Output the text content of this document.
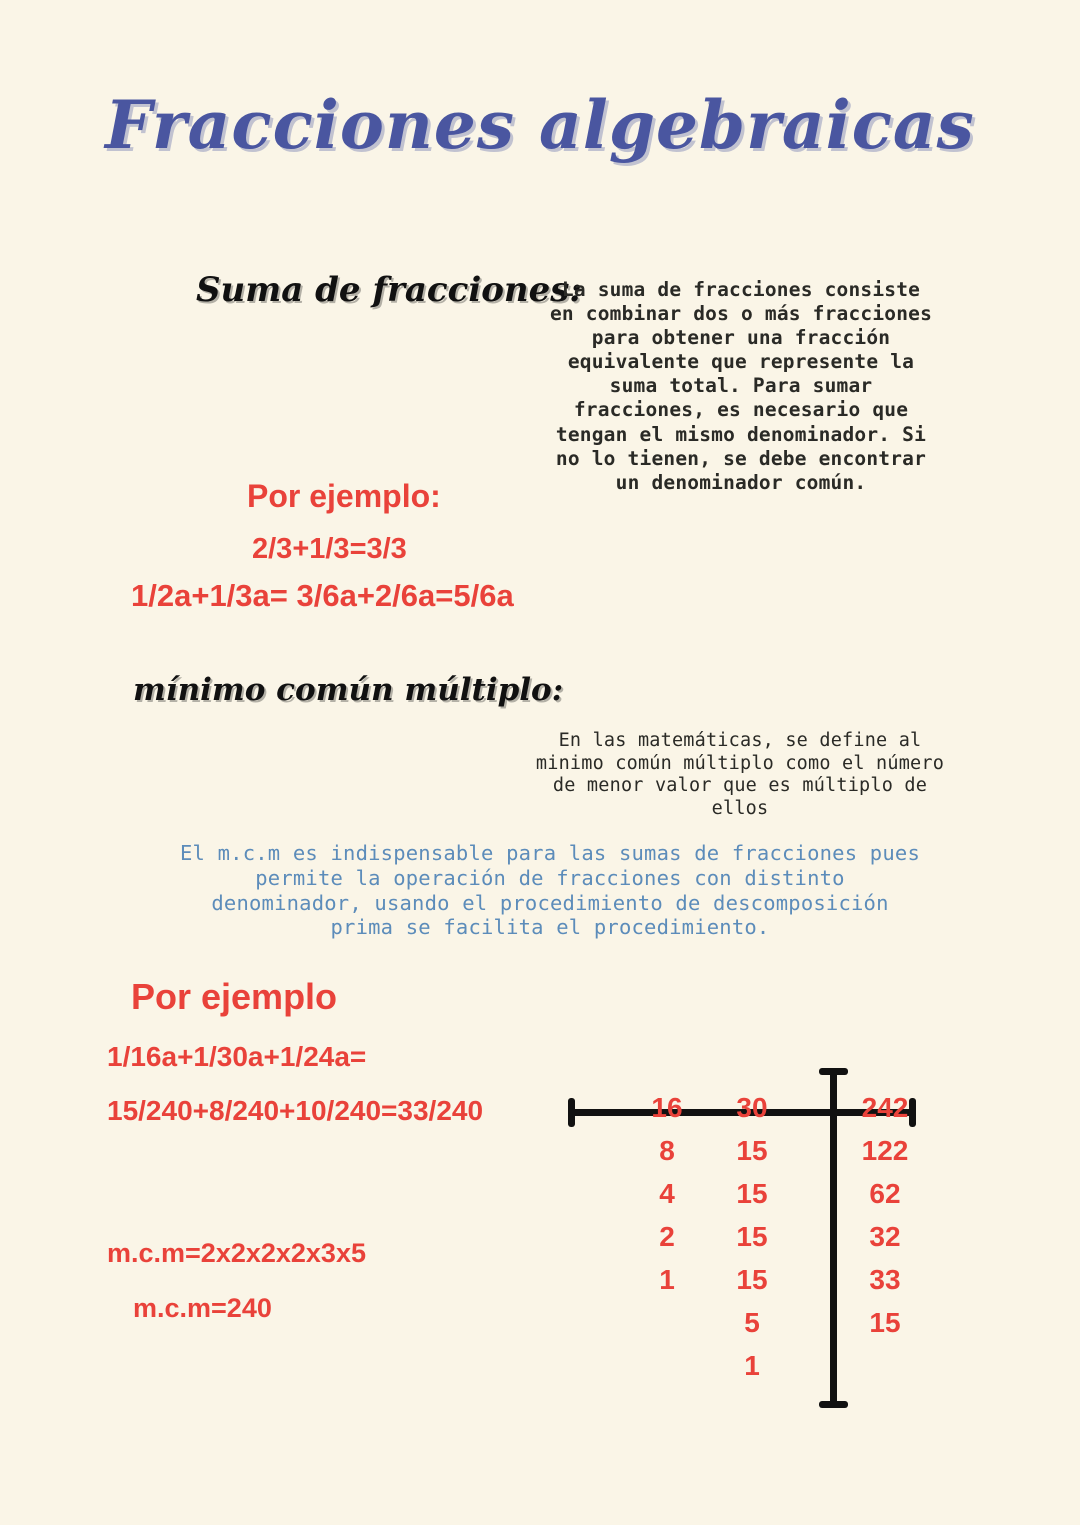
Fracciones algebraicas
Suma de fracciones:
La suma de fracciones consiste en combinar dos o más fracciones para obtener una fracción equivalente que represente la suma total. Para sumar fracciones, es necesario que tengan el mismo denominador. Si no lo tienen, se debe encontrar un denominador común.
Por ejemplo:
2/3+1/3=3/3
1/2a+1/3a= 3/6a+2/6a=5/6a
mínimo común múltiplo:
En las matemáticas, se define al minimo común múltiplo como el número de menor valor que es múltiplo de ellos
El m.c.m es indispensable para las sumas de fracciones pues permite la operación de fracciones con distinto denominador, usando el procedimiento de descomposición prima se facilita el procedimiento.
Por ejemplo
1/16a+1/30a+1/24a=
15/240+8/240+10/240=33/240
m.c.m=2x2x2x2x3x5
m.c.m=240
16
8
4
2
1
30
15
15
15
15
5
1
242
122
62
32
33
15
